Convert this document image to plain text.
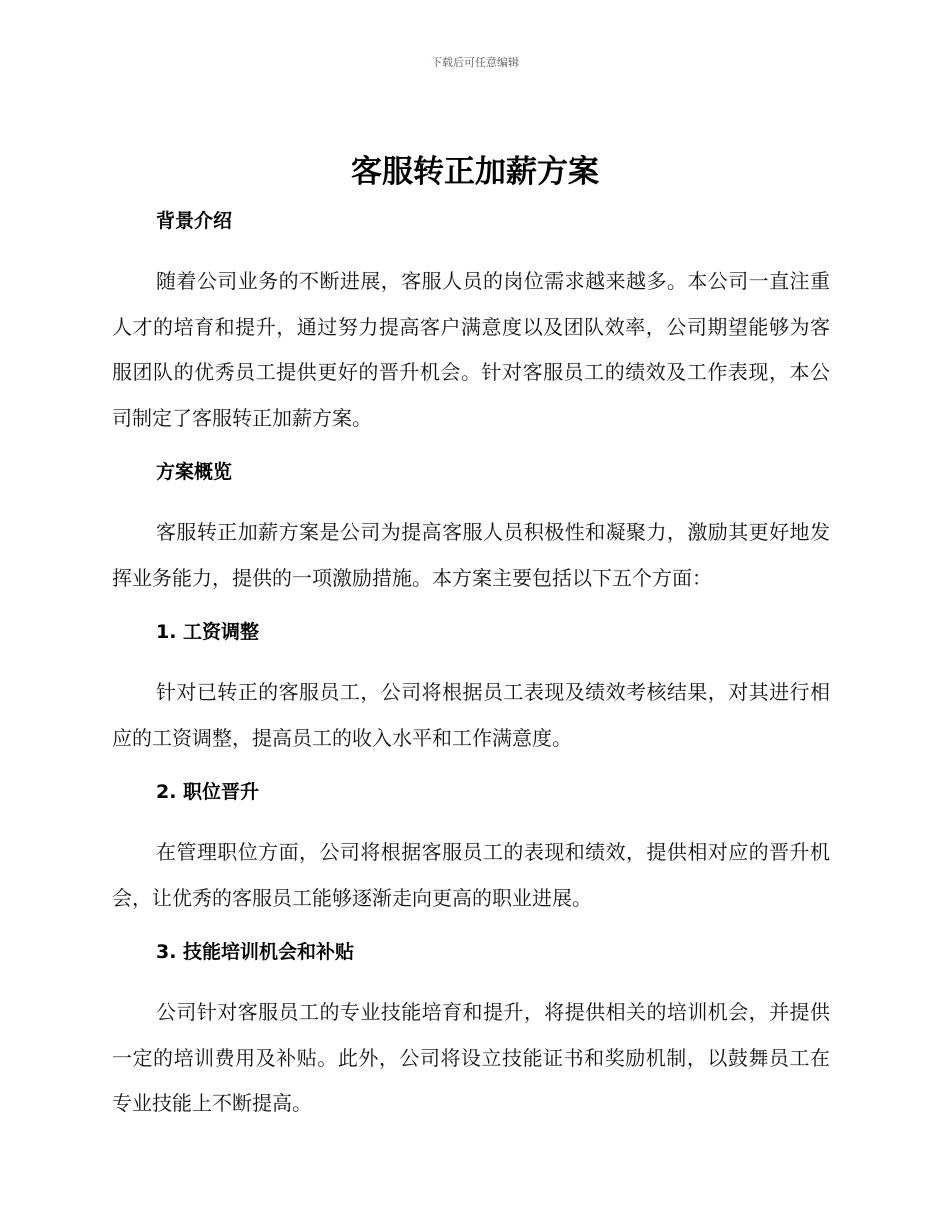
下载后可任意编辑
客服转正加薪方案
背景介绍

随着公司业务的不断进展，客服人员的岗位需求越来越多。本公司一直注重人才的培育和提升，通过努力提高客户满意度以及团队效率，公司期望能够为客服团队的优秀员工提供更好的晋升机会。针对客服员工的绩效及工作表现，本公司制定了客服转正加薪方案。

方案概览

客服转正加薪方案是公司为提高客服人员积极性和凝聚力，激励其更好地发挥业务能力，提供的一项激励措施。本方案主要包括以下五个方面：

1. 工资调整

针对已转正的客服员工，公司将根据员工表现及绩效考核结果，对其进行相应的工资调整，提高员工的收入水平和工作满意度。

2. 职位晋升

在管理职位方面，公司将根据客服员工的表现和绩效，提供相对应的晋升机会，让优秀的客服员工能够逐渐走向更高的职业进展。

3. 技能培训机会和补贴

公司针对客服员工的专业技能培育和提升，将提供相关的培训机会，并提供一定的培训费用及补贴。此外，公司将设立技能证书和奖励机制，以鼓舞员工在专业技能上不断提高。
